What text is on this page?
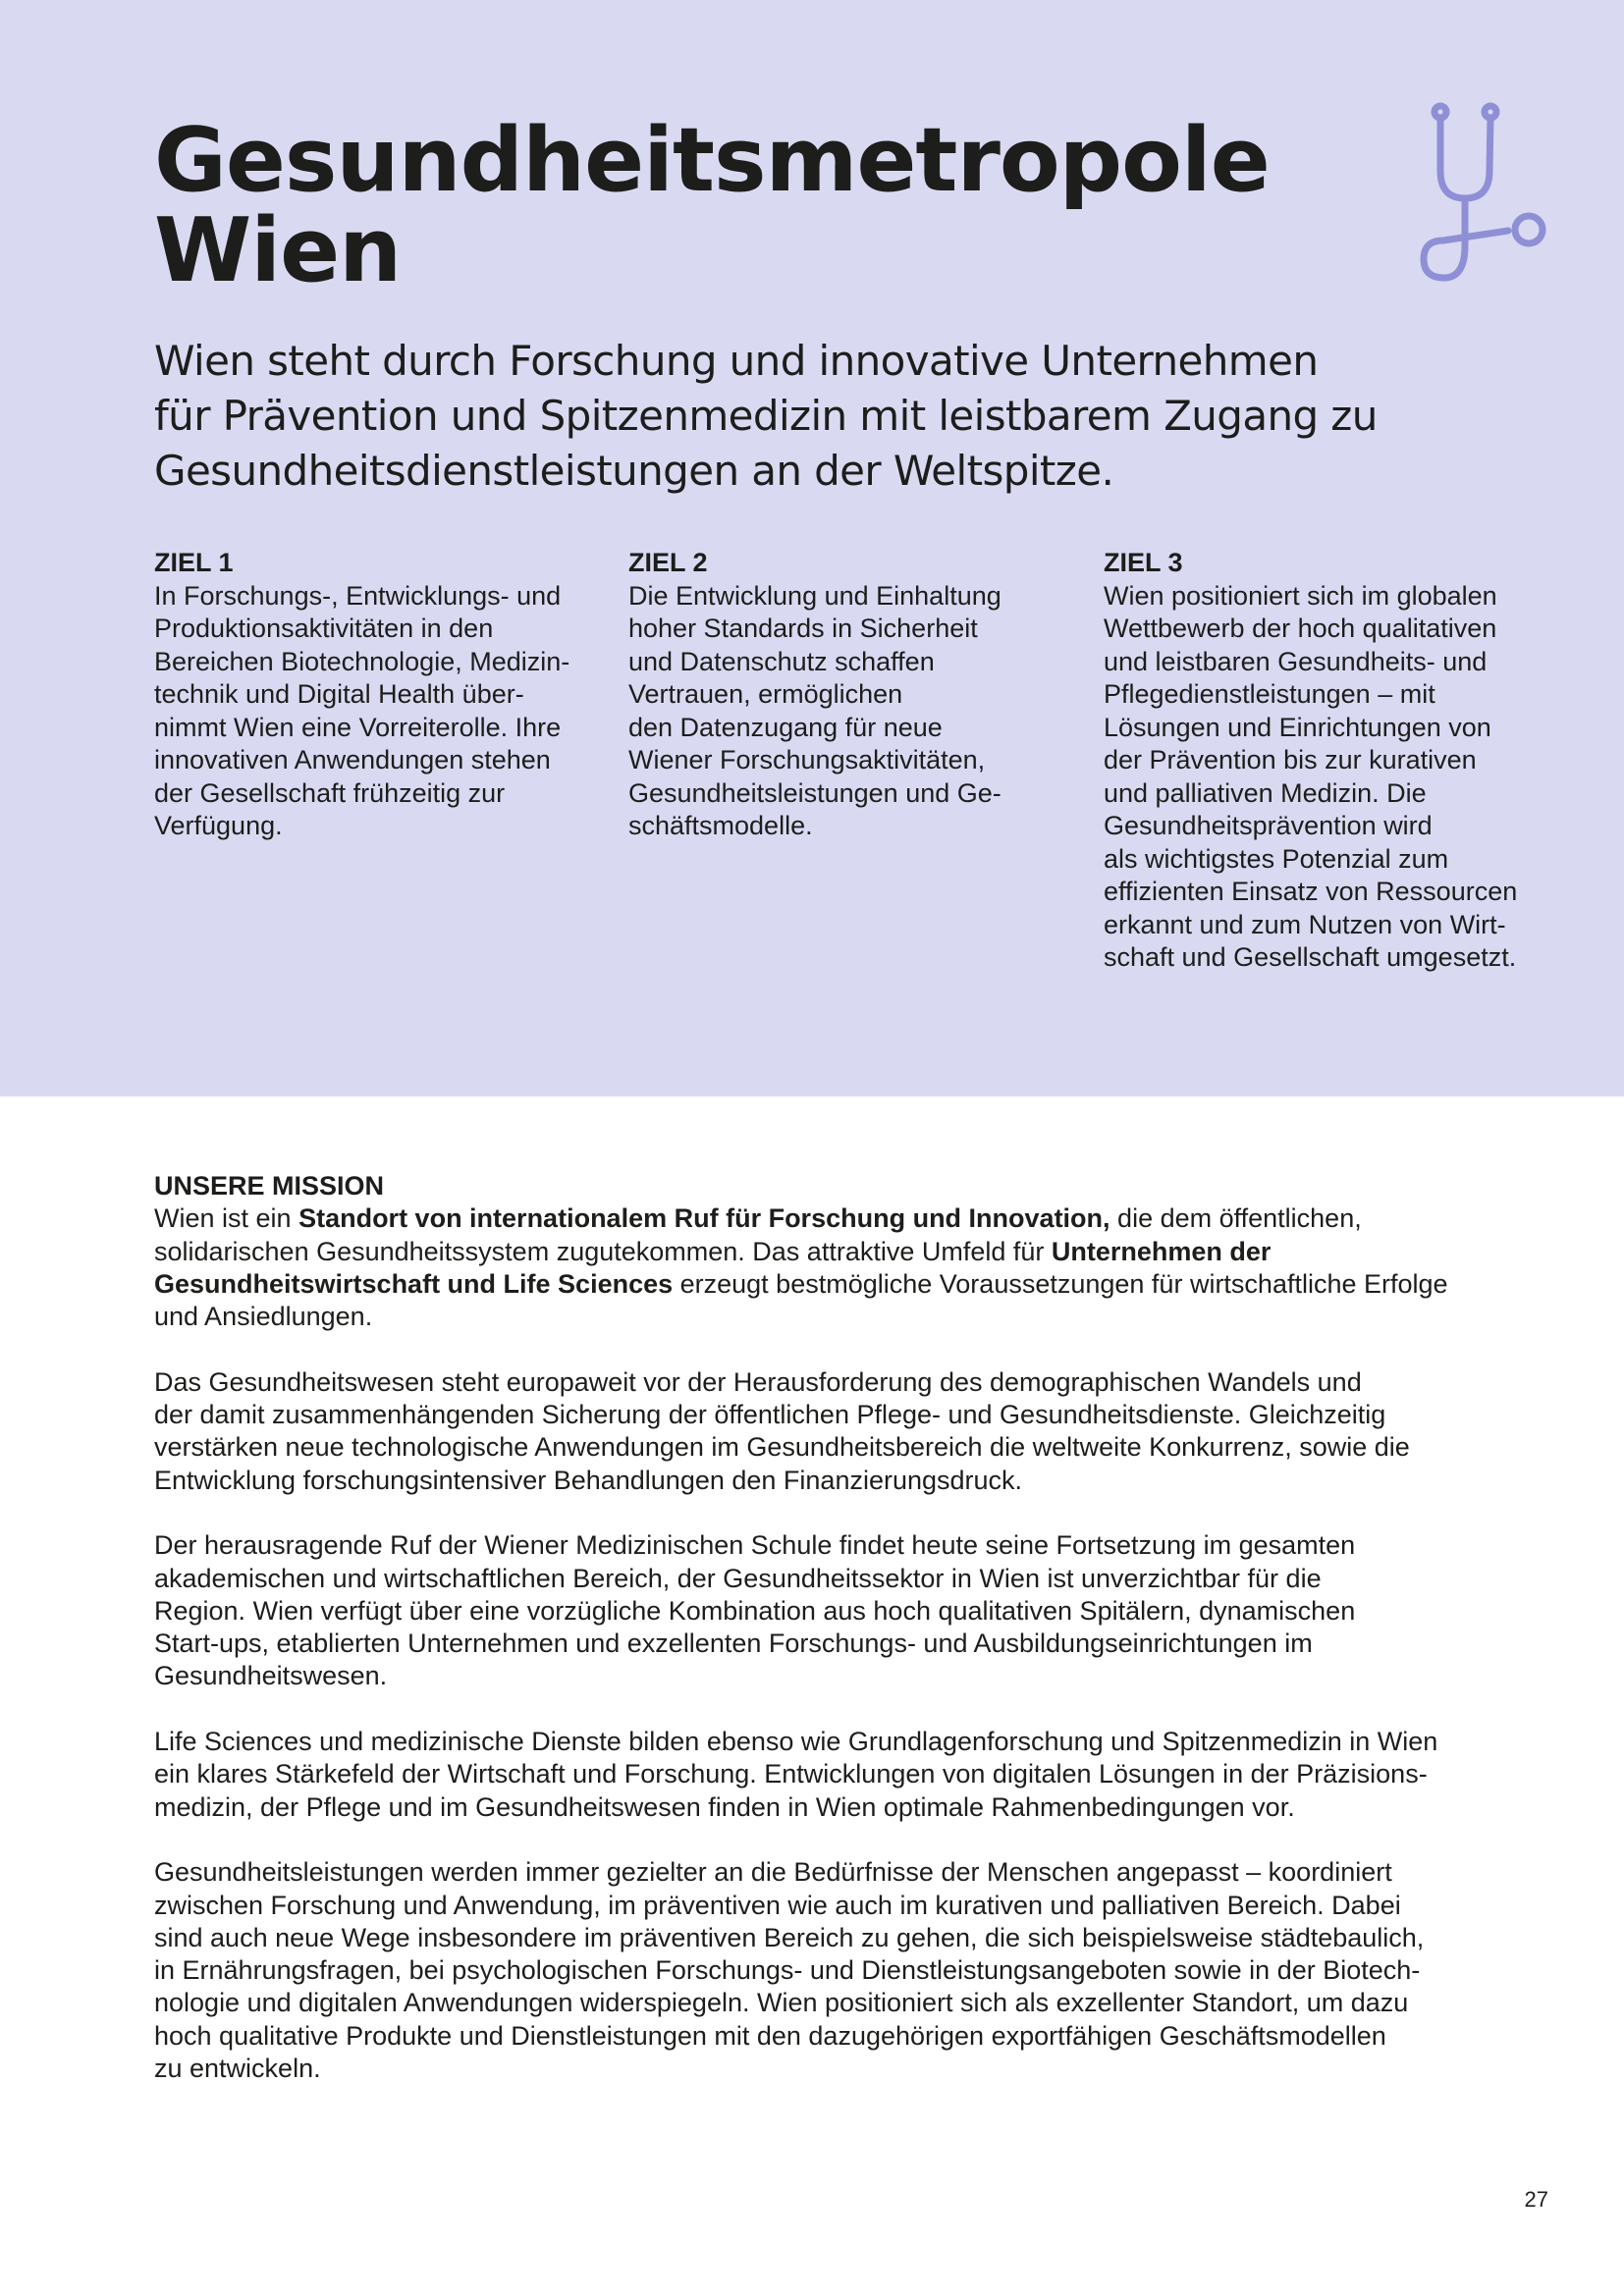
Gesundheitsmetropole
Wien

Wien steht durch Forschung und innovative Unternehmen
für Prävention und Spitzenmedizin mit leistbarem Zugang zu
Gesundheitsdienstleistungen an der Weltspitze.

ZIEL 1
In Forschungs-, Entwicklungs- und
Produktionsaktivitäten in den
Bereichen Biotechnologie, Medizin-
technik und Digital Health über-
nimmt Wien eine Vorreiterolle. Ihre
innovativen Anwendungen stehen
der Gesellschaft frühzeitig zur
Verfügung.
ZIEL 2
Die Entwicklung und Einhaltung
hoher Standards in Sicherheit
und Datenschutz schaffen
Vertrauen, ermöglichen
den Datenzugang für neue
Wiener Forschungsaktivitäten,
Gesundheitsleistungen und Ge-
schäftsmodelle.
ZIEL 3
Wien positioniert sich im globalen
Wettbewerb der hoch qualitativen
und leistbaren Gesundheits- und
Pflegedienstleistungen – mit
Lösungen und Einrichtungen von
der Prävention bis zur kurativen
und palliativen Medizin. Die
Gesundheitsprävention wird
als wichtigstes Potenzial zum
effizienten Einsatz von Ressourcen
erkannt und zum Nutzen von Wirt-
schaft und Gesellschaft umgesetzt.
UNSERE MISSION
Wien ist ein Standort von internationalem Ruf für Forschung und Innovation, die dem öffentlichen,
solidarischen Gesundheitssystem zugutekommen. Das attraktive Umfeld für Unternehmen der
Gesundheitswirtschaft und Life Sciences erzeugt bestmögliche Voraussetzungen für wirtschaftliche Erfolge
und Ansiedlungen.
Das Gesundheitswesen steht europaweit vor der Herausforderung des demographischen Wandels und
der damit zusammenhängenden Sicherung der öffentlichen Pflege- und Gesundheitsdienste. Gleichzeitig
verstärken neue technologische Anwendungen im Gesundheitsbereich die weltweite Konkurrenz, sowie die
Entwicklung forschungsintensiver Behandlungen den Finanzierungsdruck.
Der herausragende Ruf der Wiener Medizinischen Schule findet heute seine Fortsetzung im gesamten
akademischen und wirtschaftlichen Bereich, der Gesundheitssektor in Wien ist unverzichtbar für die
Region. Wien verfügt über eine vorzügliche Kombination aus hoch qualitativen Spitälern, dynamischen
Start-ups, etablierten Unternehmen und exzellenten Forschungs- und Ausbildungseinrichtungen im
Gesundheitswesen.
Life Sciences und medizinische Dienste bilden ebenso wie Grundlagenforschung und Spitzenmedizin in Wien
ein klares Stärkefeld der Wirtschaft und Forschung. Entwicklungen von digitalen Lösungen in der Präzisions-
medizin, der Pflege und im Gesundheitswesen finden in Wien optimale Rahmenbedingungen vor.
Gesundheitsleistungen werden immer gezielter an die Bedürfnisse der Menschen angepasst – koordiniert
zwischen Forschung und Anwendung, im präventiven wie auch im kurativen und palliativen Bereich. Dabei
sind auch neue Wege insbesondere im präventiven Bereich zu gehen, die sich beispielsweise städtebaulich,
in Ernährungsfragen, bei psychologischen Forschungs- und Dienstleistungsangeboten sowie in der Biotech-
nologie und digitalen Anwendungen widerspiegeln. Wien positioniert sich als exzellenter Standort, um dazu
hoch qualitative Produkte und Dienstleistungen mit den dazugehörigen exportfähigen Geschäftsmodellen
zu entwickeln.
27
